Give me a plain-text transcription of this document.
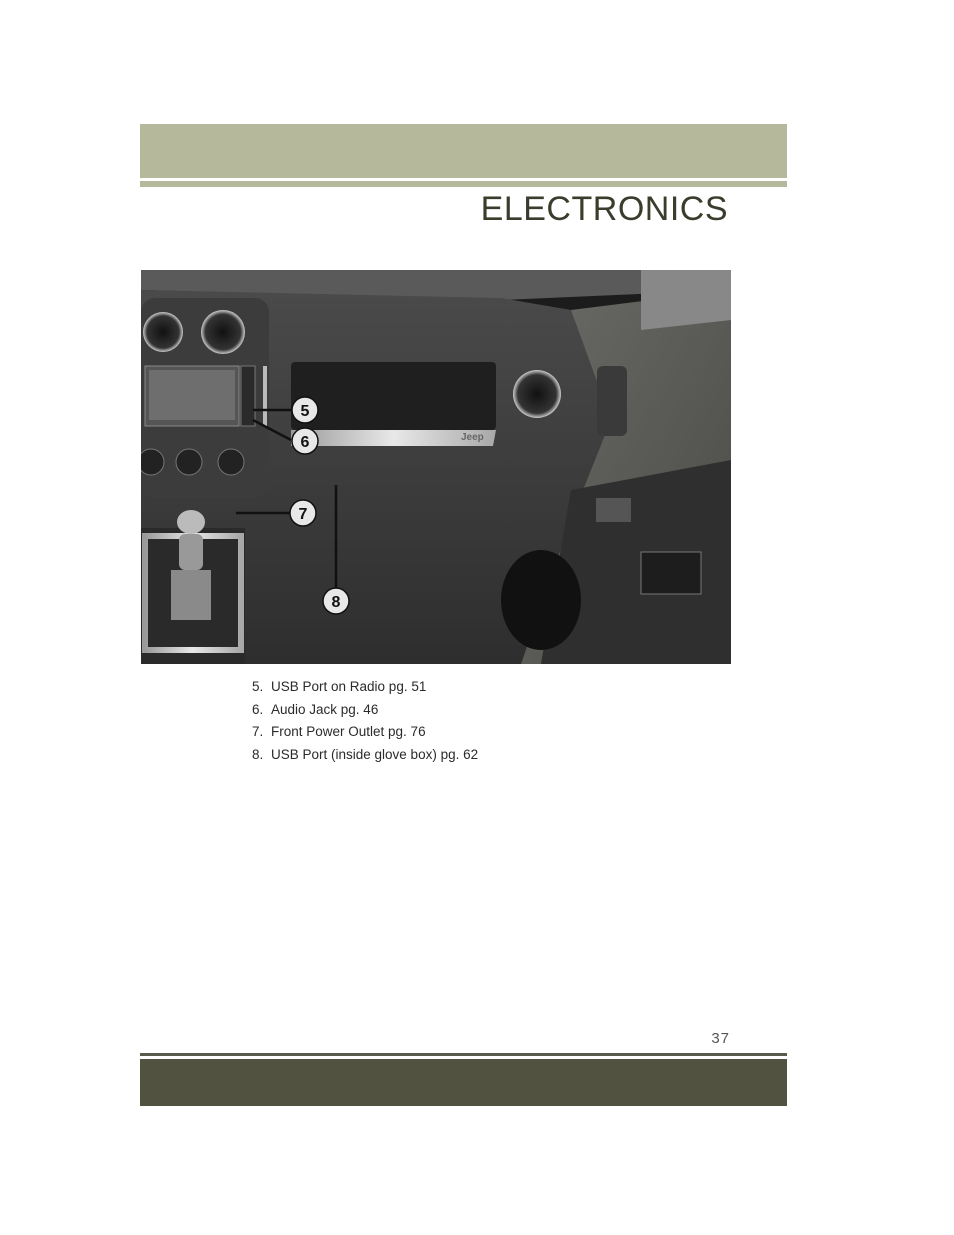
ELECTRONICS
Jeep
5
6
7
8
5. USB Port on Radio pg. 51
6. Audio Jack pg. 46
7. Front Power Outlet pg. 76
8. USB Port (inside glove box) pg. 62
37
